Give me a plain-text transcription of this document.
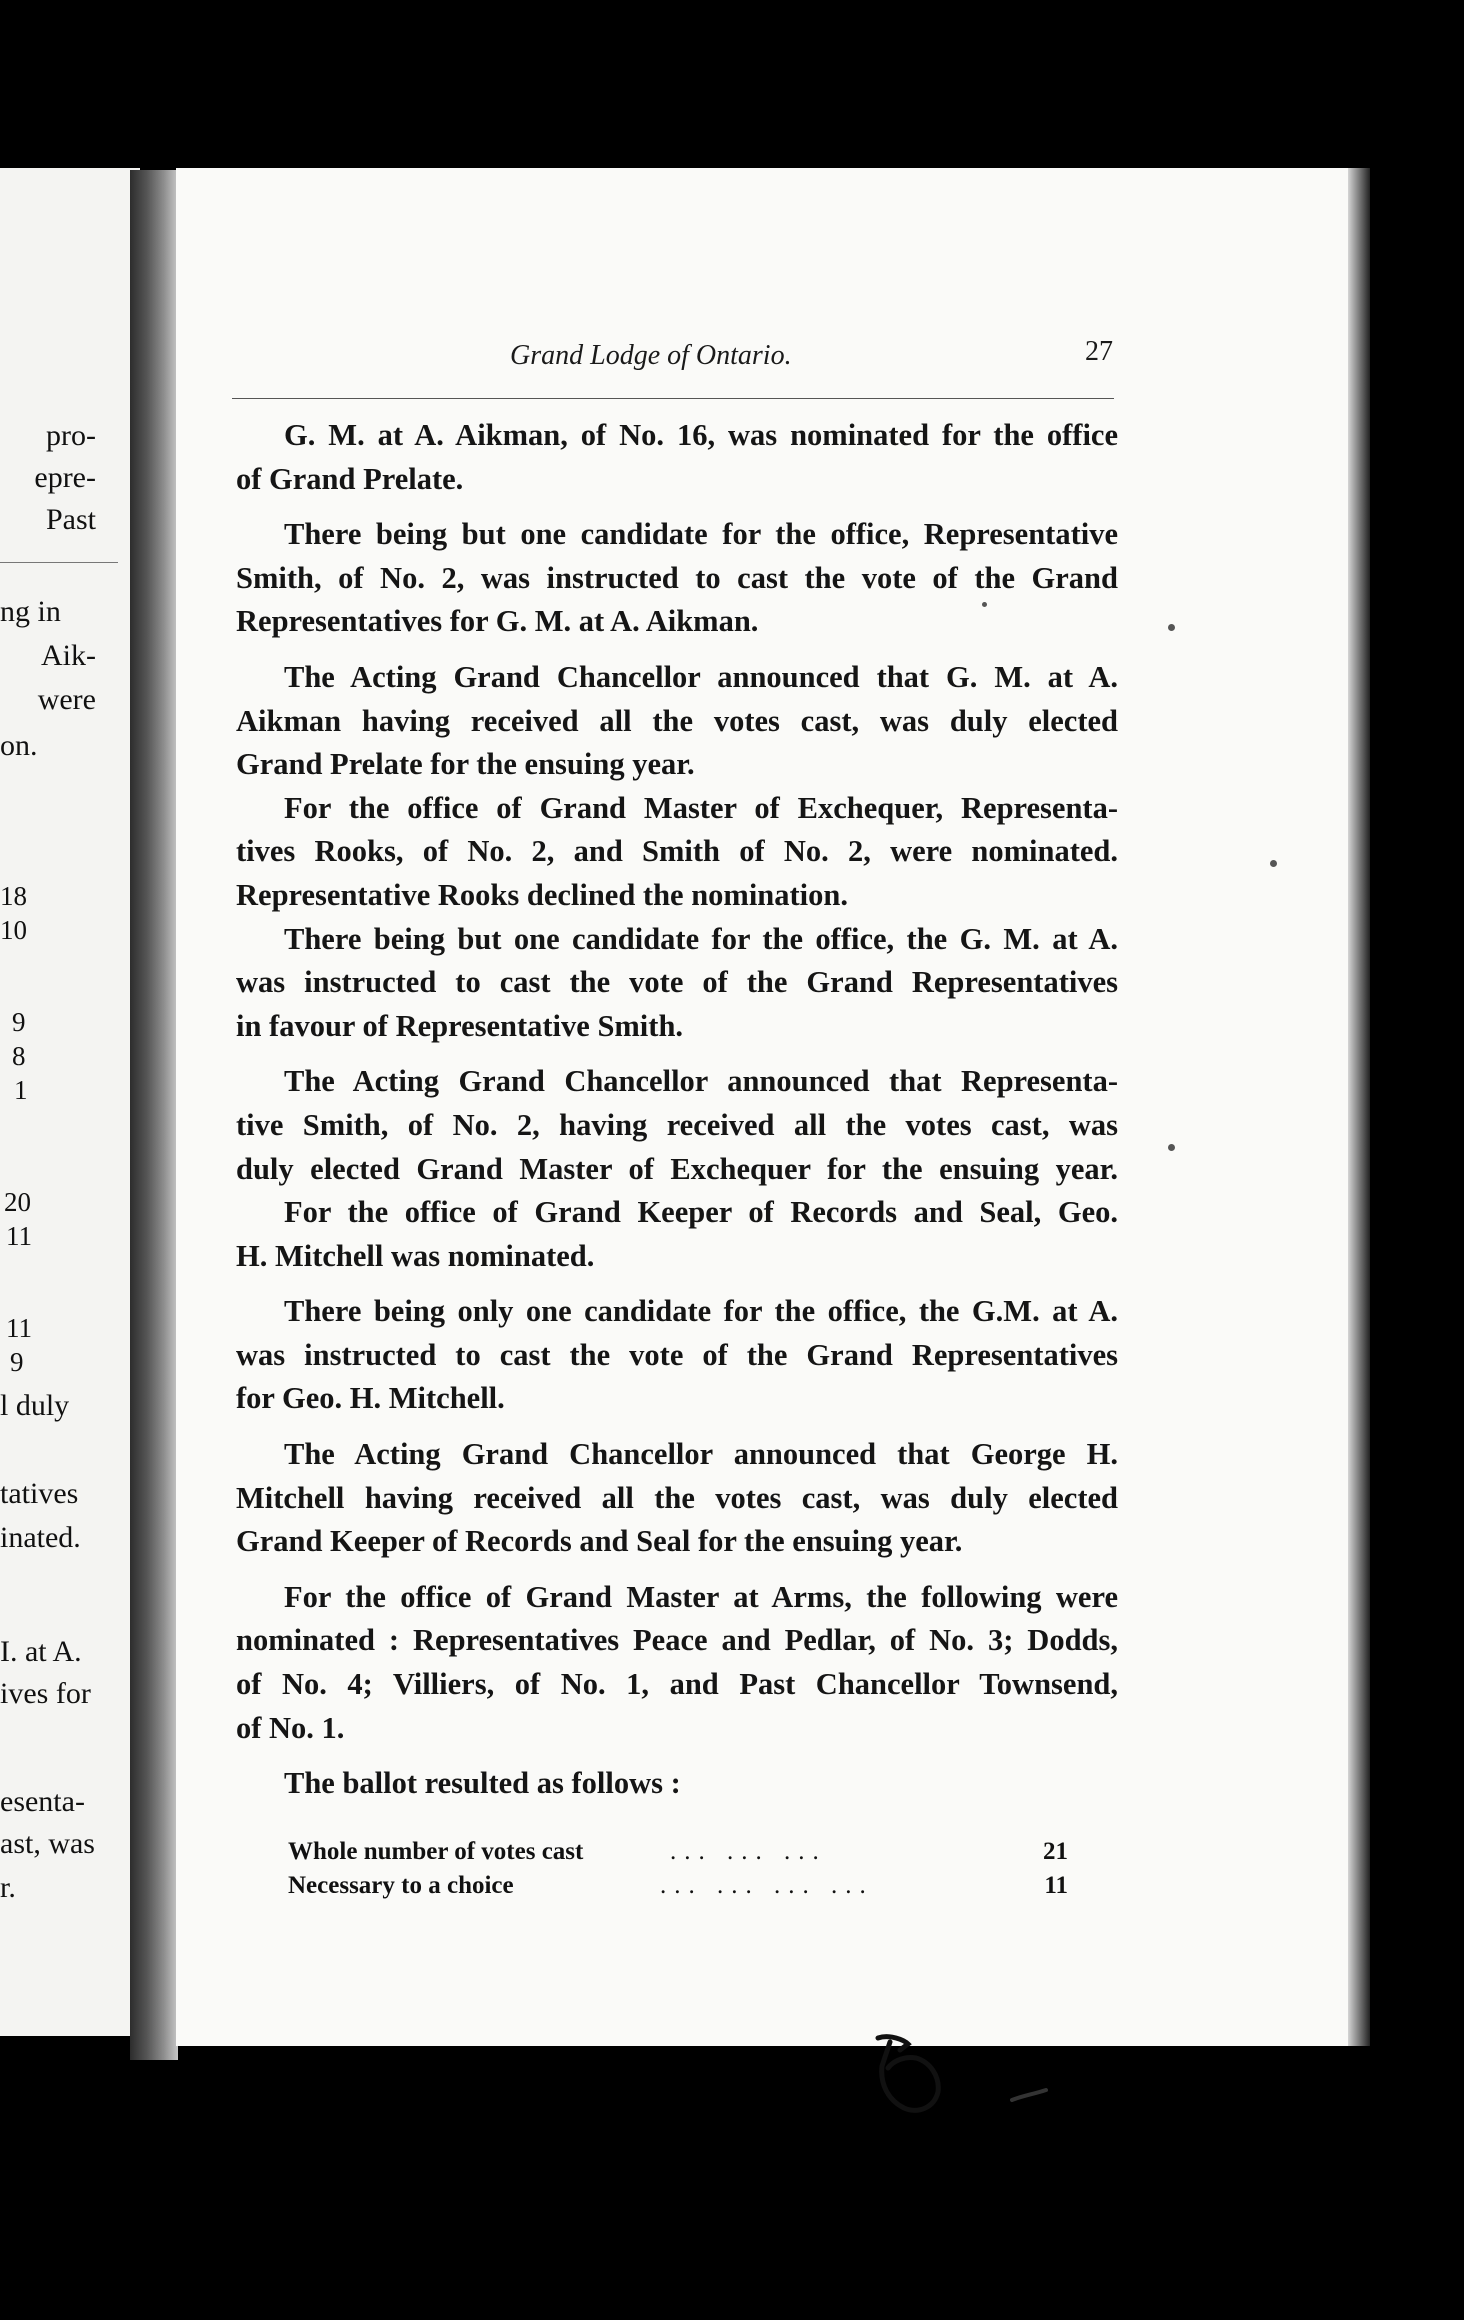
pro-
epre-
Past
ng in
Aik-
were
on.
18
10
9
8
1
20
11
11
9
l duly
tatives
inated.
I. at A.
ives for
esenta-
ast, was
r.
Grand Lodge of Ontario.	27
G. M. at A. Aikman, of No. 16, was nominated for the office
of Grand Prelate.
There being but one candidate for the office, Representative
Smith, of No. 2, was instructed to cast the vote of the Grand
Representatives for G. M. at A. Aikman.
The Acting Grand Chancellor announced that G. M. at A.
Aikman having received all the votes cast, was duly elected
Grand Prelate for the ensuing year.
For the office of Grand Master of Exchequer, Representa-
tives Rooks, of No. 2, and Smith of No. 2, were nominated.
Representative Rooks declined the nomination.
There being but one candidate for the office, the G. M. at A.
was instructed to cast the vote of the Grand Representatives
in favour of Representative Smith.
The Acting Grand Chancellor announced that Representa-
tive Smith, of No. 2, having received all the votes cast, was
duly elected Grand Master of Exchequer for the ensuing year.
For the office of Grand Keeper of Records and Seal, Geo.
H. Mitchell was nominated.
There being only one candidate for the office, the G.M. at A.
was instructed to cast the vote of the Grand Representatives
for Geo. H. Mitchell.
The Acting Grand Chancellor announced that George H.
Mitchell having received all the votes cast, was duly elected
Grand Keeper of Records and Seal for the ensuing year.
For the office of Grand Master at Arms, the following were
nominated : Representatives Peace and Pedlar, of No. 3; Dodds,
of No. 4; Villiers, of No. 1, and Past Chancellor Townsend,
of No. 1.
The ballot resulted as follows :
Whole number of votes cast	... ... ...	21
Necessary to a choice	... ... ... ...	11
